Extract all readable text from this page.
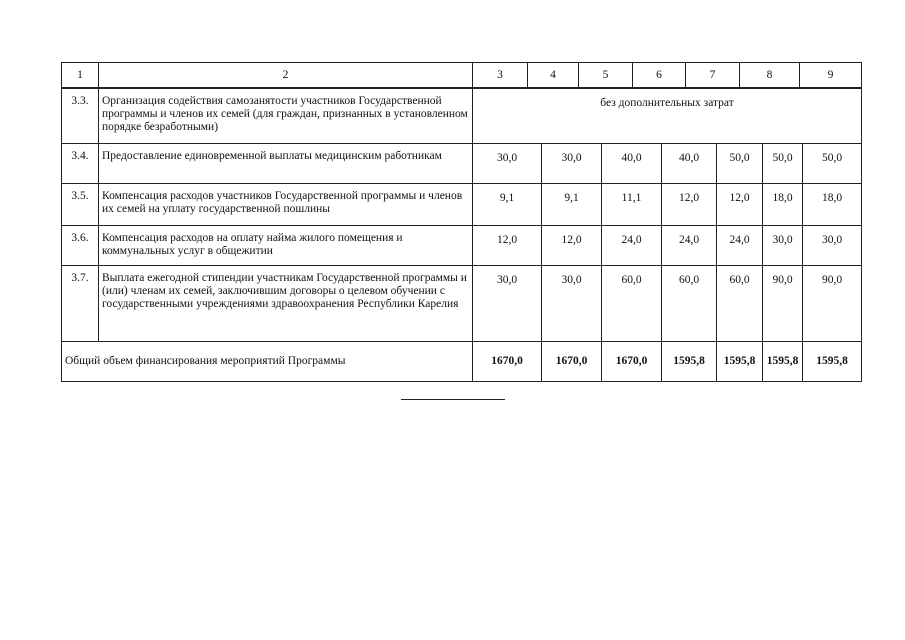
1	2	3	4	5	6	7	8	9
3.3.	Организация содействия самозанятости участников Государственной программы и членов их семей (для граждан, признанных в установленном порядке безработными)	без дополнительных затрат						
3.4.	Предоставление единовременной выплаты медицинским работникам	30,0	30,0	40,0	40,0	50,0	50,0	50,0
3.5.	Компенсация расходов участников Государственной программы и членов их семей на уплату государственной пошлины	9,1	9,1	11,1	12,0	12,0	18,0	18,0
3.6.	Компенсация расходов на оплату найма жилого помещения и коммунальных услуг в общежитии	12,0	12,0	24,0	24,0	24,0	30,0	30,0
3.7.	Выплата ежегодной стипендии участникам Государственной программы и (или) членам их семей, заключившим договоры о целевом обучении с государственными учреждениями здравоохранения Республики Карелия	30,0	30,0	60,0	60,0	60,0	90,0	90,0
Общий объем финансирования мероприятий Программы		1670,0	1670,0	1670,0	1595,8	1595,8	1595,8	1595,8
